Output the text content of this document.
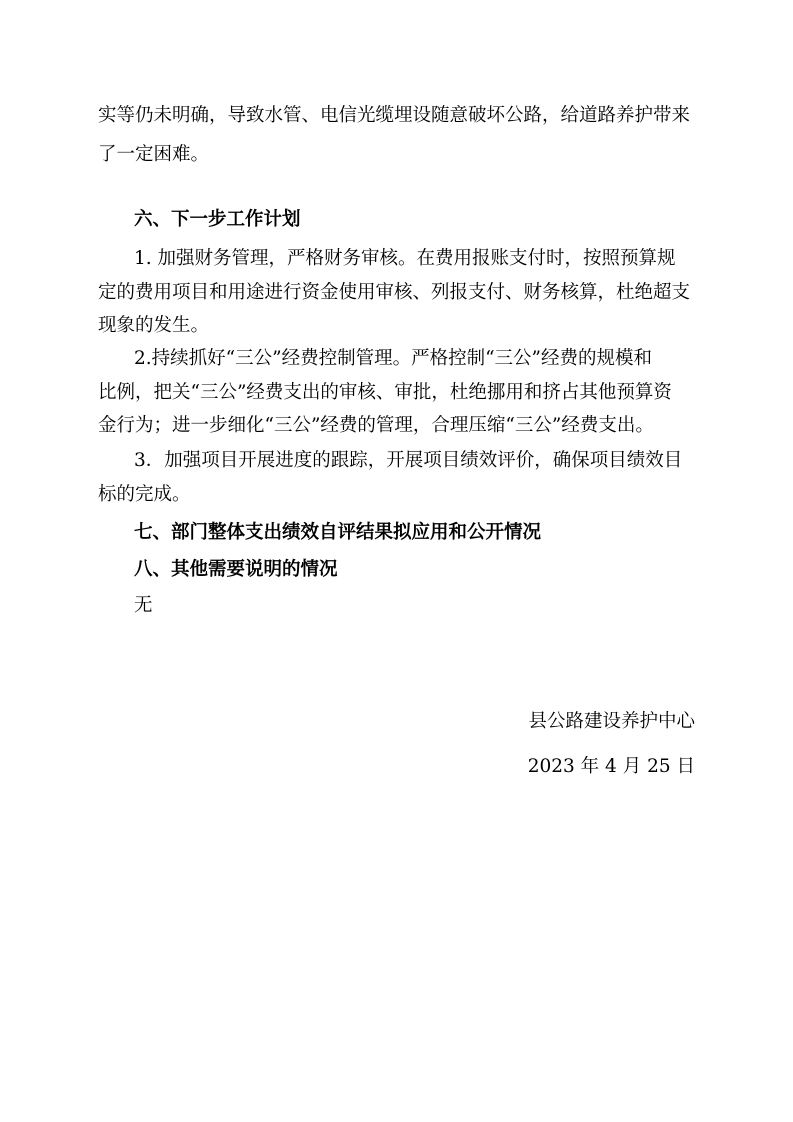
实等仍未明确，导致水管、电信光缆埋设随意破坏公路，给道路养护带来
了一定困难。
六、下一步工作计划
1. 加强财务管理，严格财务审核。在费用报账支付时，按照预算规
定的费用项目和用途进行资金使用审核、列报支付、财务核算，杜绝超支
现象的发生。
2.持续抓好“三公”经费控制管理。严格控制“三公”经费的规模和
比例，把关“三公”经费支出的审核、审批，杜绝挪用和挤占其他预算资
金行为；进一步细化“三公”经费的管理，合理压缩“三公”经费支出。
3．加强项目开展进度的跟踪，开展项目绩效评价，确保项目绩效目
标的完成。
七、部门整体支出绩效自评结果拟应用和公开情况
八、其他需要说明的情况
无
县公路建设养护中心
2023 年 4 月 25 日
